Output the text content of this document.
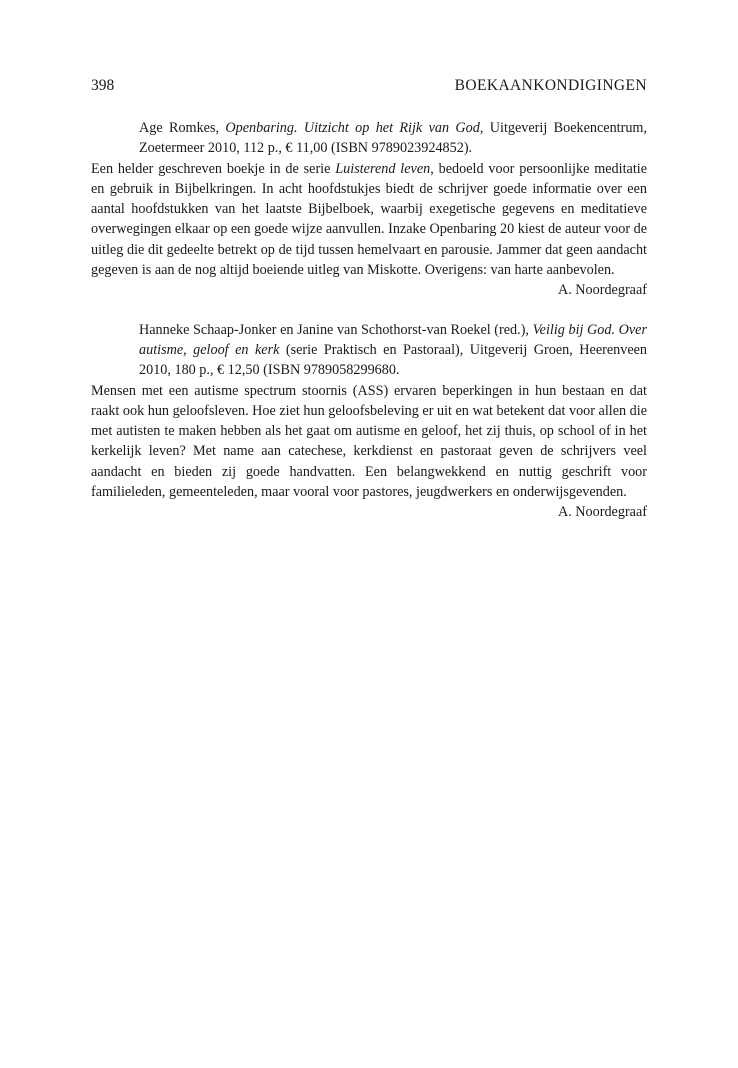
398	BOEKAANKONDIGINGEN
Age Romkes, Openbaring. Uitzicht op het Rijk van God, Uitgeverij Boekencentrum, Zoetermeer 2010, 112 p., € 11,00 (ISBN 9789023924852).
Een helder geschreven boekje in de serie Luisterend leven, bedoeld voor persoonlijke meditatie en gebruik in Bijbelkringen. In acht hoofdstukjes biedt de schrijver goede informatie over een aantal hoofdstukken van het laatste Bijbelboek, waarbij exegetische gegevens en meditatieve overwegingen elkaar op een goede wijze aanvullen. Inzake Openbaring 20 kiest de auteur voor de uitleg die dit gedeelte betrekt op de tijd tussen hemelvaart en parousie. Jammer dat geen aandacht gegeven is aan de nog altijd boeiende uitleg van Miskotte. Overigens: van harte aanbevolen.
A. Noordegraaf
Hanneke Schaap-Jonker en Janine van Schothorst-van Roekel (red.), Veilig bij God. Over autisme, geloof en kerk (serie Praktisch en Pastoraal), Uitgeverij Groen, Heerenveen 2010, 180 p., € 12,50 (ISBN 9789058299680.
Mensen met een autisme spectrum stoornis (ASS) ervaren beperkingen in hun bestaan en dat raakt ook hun geloofsleven. Hoe ziet hun geloofsbeleving er uit en wat betekent dat voor allen die met autisten te maken hebben als het gaat om autisme en geloof, het zij thuis, op school of in het kerkelijk leven? Met name aan catechese, kerkdienst en pastoraat geven de schrijvers veel aandacht en bieden zij goede handvatten. Een belangwekkend en nuttig geschrift voor familieleden, gemeenteleden, maar vooral voor pastores, jeugdwerkers en onderwijsgevenden.
A. Noordegraaf
